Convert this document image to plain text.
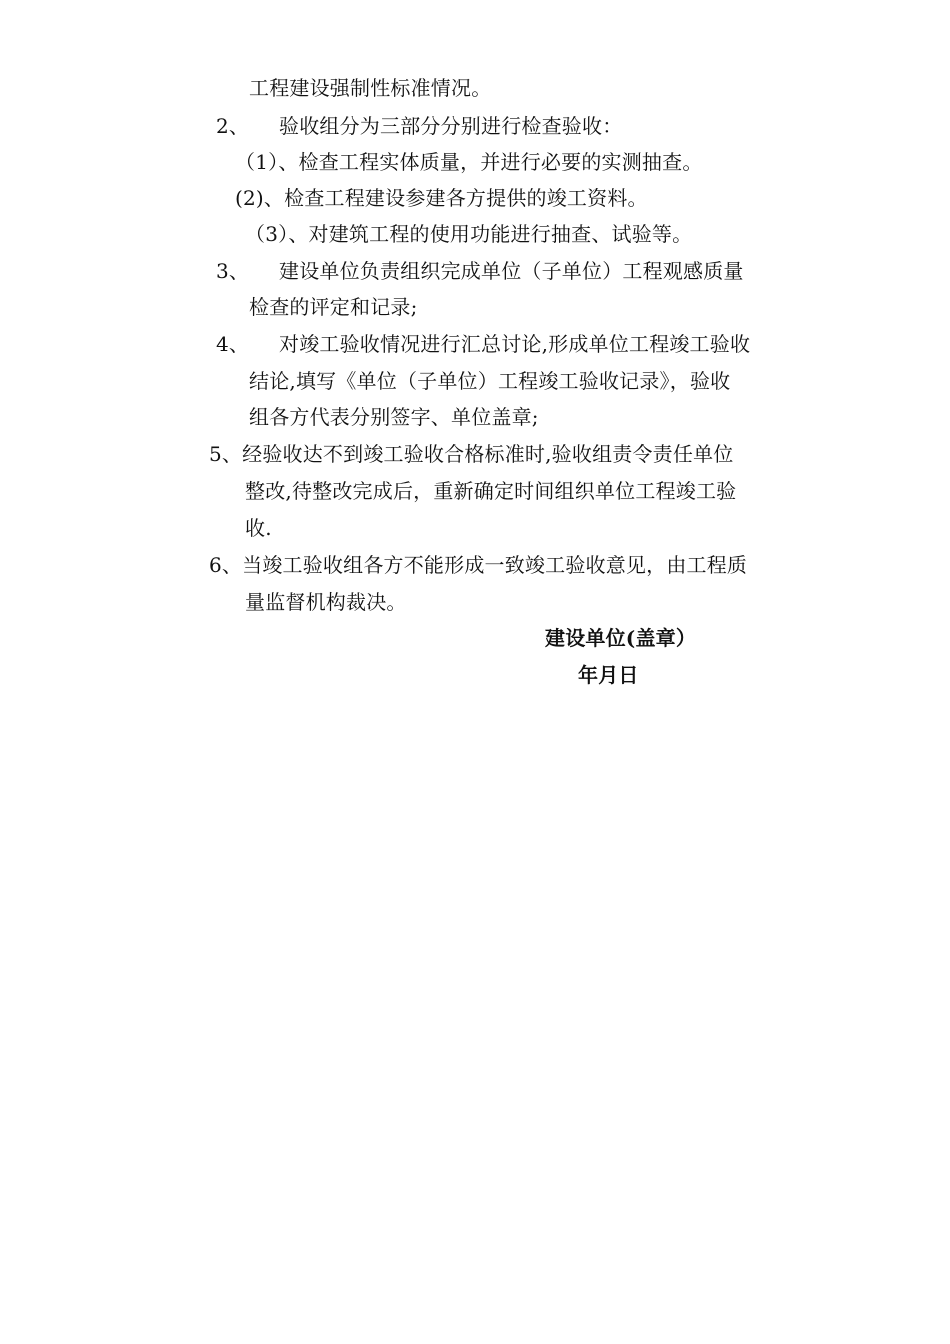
工程建设强制性标准情况。
2、 验收组分为三部分分别进行检查验收：
（1）、检查工程实体质量，并进行必要的实测抽查。
(2)、检查工程建设参建各方提供的竣工资料。
（3）、对建筑工程的使用功能进行抽查、试验等。
3、 建设单位负责组织完成单位（子单位）工程观感质量
检查的评定和记录;
4、 对竣工验收情况进行汇总讨论,形成单位工程竣工验收
结论,填写《单位（子单位）工程竣工验收记录》，验收
组各方代表分别签字、单位盖章;
5、经验收达不到竣工验收合格标准时,验收组责令责任单位
整改,待整改完成后，重新确定时间组织单位工程竣工验
收.
6、当竣工验收组各方不能形成一致竣工验收意见，由工程质
量监督机构裁决。
建设单位(盖章）
年月日
